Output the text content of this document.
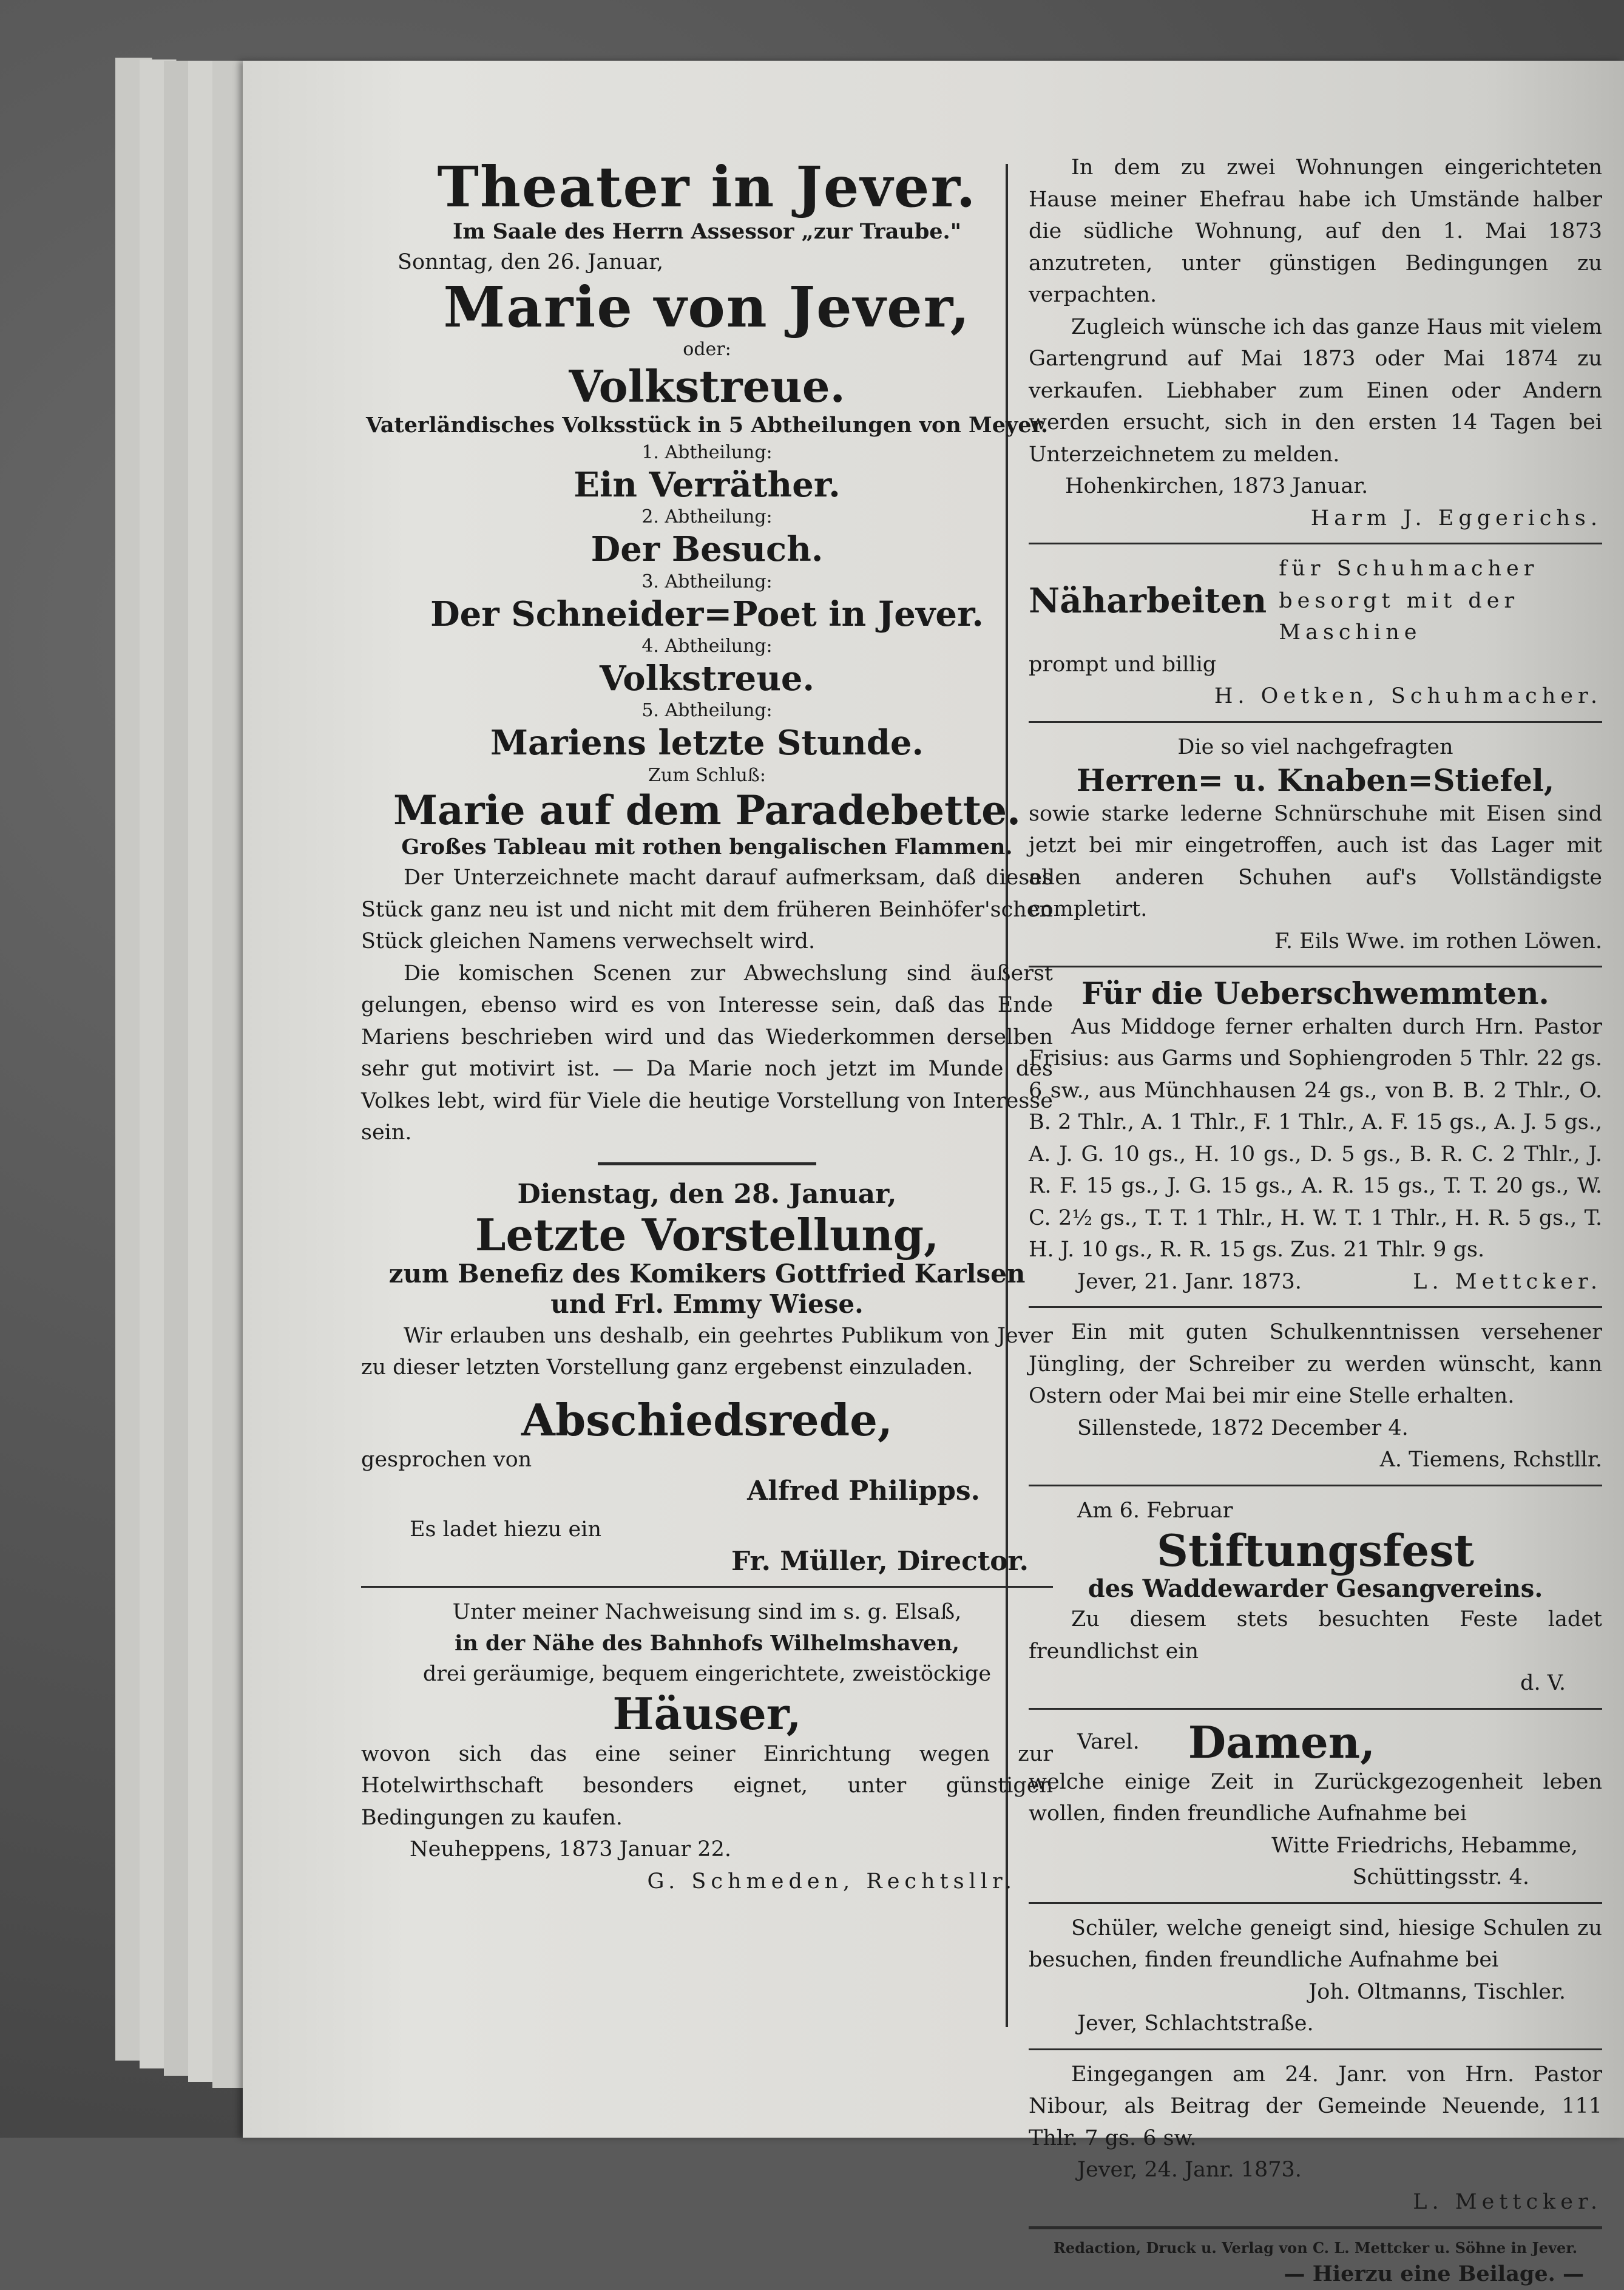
Theater in Jever.
Im Saale des Herrn Assessor „zur Traube."
Sonntag, den 26. Januar,
Marie von Jever,
oder:
Volkstreue.
Vaterländisches Volksstück in 5 Abtheilungen von Meyer.
1. Abtheilung:
Ein Verräther.
2. Abtheilung:
Der Besuch.
3. Abtheilung:
Der Schneider=Poet in Jever.
4. Abtheilung:
Volkstreue.
5. Abtheilung:
Mariens letzte Stunde.
Zum Schluß:
Marie auf dem Paradebette.
Großes Tableau mit rothen bengalischen Flammen.

Der Unterzeichnete macht darauf aufmerksam, daß dieses Stück ganz neu ist und nicht mit dem früheren Beinhöfer'schen Stück gleichen Namens verwechselt wird.

Die komischen Scenen zur Abwechslung sind äußerst gelungen, ebenso wird es von Interesse sein, daß das Ende Mariens beschrieben wird und das Wiederkommen derselben sehr gut motivirt ist. — Da Marie noch jetzt im Munde des Volkes lebt, wird für Viele die heutige Vorstellung von Interesse sein.

Dienstag, den 28. Januar,
Letzte Vorstellung,
zum Benefiz des Komikers Gottfried Karlsen und Frl. Emmy Wiese.

Wir erlauben uns deshalb, ein geehrtes Publikum von Jever zu dieser letzten Vorstellung ganz ergebenst einzuladen.

Abschiedsrede,
gesprochen von
Alfred Philipps.
Es ladet hiezu ein
Fr. Müller, Director.
Unter meiner Nachweisung sind im s. g. Elsaß,
in der Nähe des Bahnhofs Wilhelmshaven,
drei geräumige, bequem eingerichtete, zweistöckige
Häuser,

wovon sich das eine seiner Einrichtung wegen zur Hotelwirthschaft besonders eignet, unter günstigen Bedingungen zu kaufen.

Neuheppens, 1873 Januar 22.
G. Schmeden, Rechtsllr.

In dem zu zwei Wohnungen eingerichteten Hause meiner Ehefrau habe ich Umstände halber die südliche Wohnung, auf den 1. Mai 1873 anzutreten, unter günstigen Bedingungen zu verpachten.

Zugleich wünsche ich das ganze Haus mit vielem Gartengrund auf Mai 1873 oder Mai 1874 zu verkaufen. Liebhaber zum Einen oder Andern werden ersucht, sich in den ersten 14 Tagen bei Unterzeichnetem zu melden.

Hohenkirchen, 1873 Januar.
Harm J. Eggerichs.
Näharbeiten
für Schuhmacher besorgt mit der Maschine
prompt und billig
H. Oetken, Schuhmacher.
Die so viel nachgefragten
Herren= u. Knaben=Stiefel,

sowie starke lederne Schnürschuhe mit Eisen sind jetzt bei mir eingetroffen, auch ist das Lager mit allen anderen Schuhen auf's Vollständigste completirt.

F. Eils Wwe. im rothen Löwen.
Für die Ueberschwemmten.

Aus Middoge ferner erhalten durch Hrn. Pastor Frisius: aus Garms und Sophiengroden 5 Thlr. 22 gs. 6 sw., aus Münchhausen 24 gs., von B. B. 2 Thlr., O. B. 2 Thlr., A. 1 Thlr., F. 1 Thlr., A. F. 15 gs., A. J. 5 gs., A. J. G. 10 gs., H. 10 gs., D. 5 gs., B. R. C. 2 Thlr., J. R. F. 15 gs., J. G. 15 gs., A. R. 15 gs., T. T. 20 gs., W. C. 2½ gs., T. T. 1 Thlr., H. W. T. 1 Thlr., H. R. 5 gs., T. H. J. 10 gs., R. R. 15 gs. Zus. 21 Thlr. 9 gs.

Jever, 21. Janr. 1873.	L. Mettcker.

Ein mit guten Schulkenntnissen versehener Jüngling, der Schreiber zu werden wünscht, kann Ostern oder Mai bei mir eine Stelle erhalten.

Sillenstede, 1872 December 4.
A. Tiemens, Rchstllr.
Am 6. Februar
Stiftungsfest
des Waddewarder Gesangvereins.

Zu diesem stets besuchten Feste ladet freundlichst ein

d. V.
Varel. Damen,

welche einige Zeit in Zurückgezogenheit leben wollen, finden freundliche Aufnahme bei

Witte Friedrichs, Hebamme,
Schüttingsstr. 4.

Schüler, welche geneigt sind, hiesige Schulen zu besuchen, finden freundliche Aufnahme bei

Joh. Oltmanns, Tischler.
Jever, Schlachtstraße.

Eingegangen am 24. Janr. von Hrn. Pastor Nibour, als Beitrag der Gemeinde Neuende, 111 Thlr. 7 gs. 6 sw.

Jever, 24. Janr. 1873.
L. Mettcker.
Redaction, Druck u. Verlag von C. L. Mettcker u. Söhne in Jever.
— Hierzu eine Beilage. —
